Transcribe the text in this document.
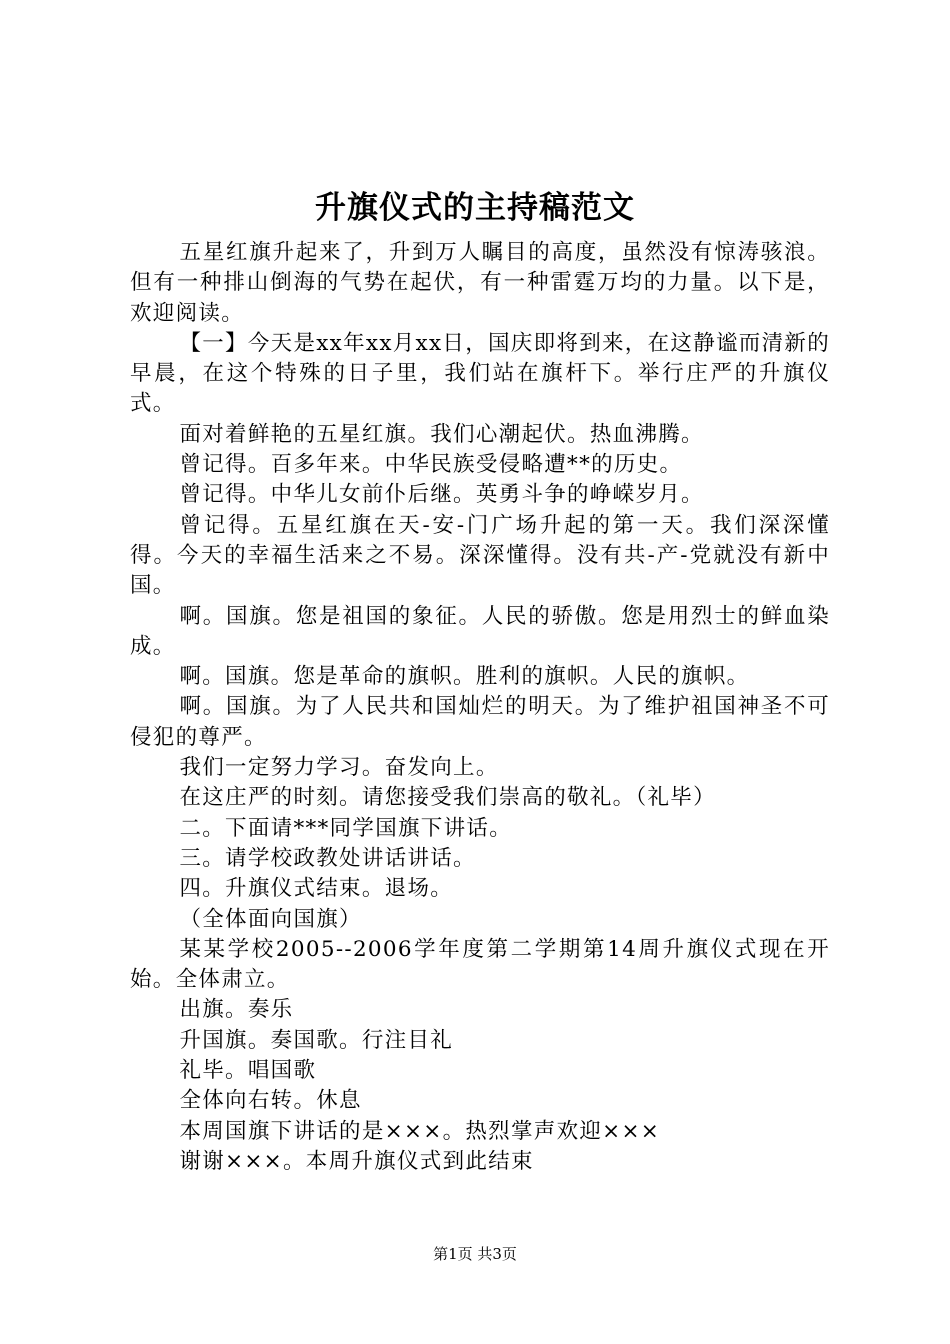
升旗仪式的主持稿范文

五星红旗升起来了，升到万人瞩目的高度，虽然没有惊涛骇浪。但有一种排山倒海的气势在起伏，有一种雷霆万均的力量。以下是，欢迎阅读。

【一】今天是xx年xx月xx日，国庆即将到来，在这静谧而清新的早晨，在这个特殊的日子里，我们站在旗杆下。举行庄严的升旗仪式。

面对着鲜艳的五星红旗。我们心潮起伏。热血沸腾。

曾记得。百多年来。中华民族受侵略遭**的历史。

曾记得。中华儿女前仆后继。英勇斗争的峥嵘岁月。

曾记得。五星红旗在天-安-门广场升起的第一天。我们深深懂得。今天的幸福生活来之不易。深深懂得。没有共-产-党就没有新中国。

啊。国旗。您是祖国的象征。人民的骄傲。您是用烈士的鲜血染成。

啊。国旗。您是革命的旗帜。胜利的旗帜。人民的旗帜。

啊。国旗。为了人民共和国灿烂的明天。为了维护祖国神圣不可侵犯的尊严。

我们一定努力学习。奋发向上。

在这庄严的时刻。请您接受我们崇高的敬礼。（礼毕）

二。下面请***同学国旗下讲话。

三。请学校政教处讲话讲话。

四。升旗仪式结束。退场。

（全体面向国旗）

某某学校2005--2006学年度第二学期第14周升旗仪式现在开始。全体肃立。

出旗。奏乐

升国旗。奏国歌。行注目礼

礼毕。唱国歌

全体向右转。休息

本周国旗下讲话的是×××。热烈掌声欢迎×××

谢谢×××。本周升旗仪式到此结束

第1页 共3页
